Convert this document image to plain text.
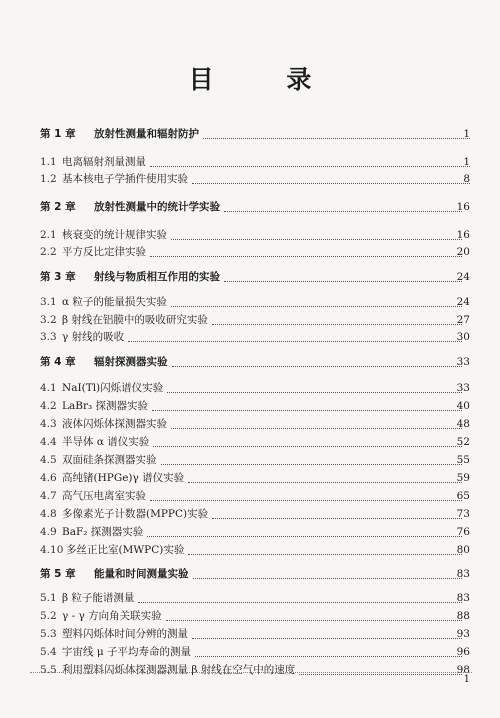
目 录
第 1 章 放射性测量和辐射防护	1
1.1 电离辐射剂量测量	1
1.2 基本核电子学插件使用实验	8
第 2 章 放射性测量中的统计学实验	16
2.1 核衰变的统计规律实验	16
2.2 平方反比定律实验	20
第 3 章 射线与物质相互作用的实验	24
3.1 α 粒子的能量损失实验	24
3.2 β 射线在铝膜中的吸收研究实验	27
3.3 γ 射线的吸收	30
第 4 章 辐射探测器实验	33
4.1 NaI(Tl)闪烁谱仪实验	33
4.2 LaBr₃ 探测器实验	40
4.3 液体闪烁体探测器实验	48
4.4 半导体 α 谱仪实验	52
4.5 双面硅条探测器实验	55
4.6 高纯锗(HPGe)γ 谱仪实验	59
4.7 高气压电离室实验	65
4.8 多像素光子计数器(MPPC)实验	73
4.9 BaF₂ 探测器实验	76
4.10 多丝正比室(MWPC)实验	80
第 5 章 能量和时间测量实验	83
5.1 β 粒子能谱测量	83
5.2 γ - γ 方向角关联实验	88
5.3 塑料闪烁体时间分辨的测量	93
5.4 宇宙线 μ 子平均寿命的测量	96
5.5 利用塑料闪烁体探测器测量 β 射线在空气中的速度	98
1
